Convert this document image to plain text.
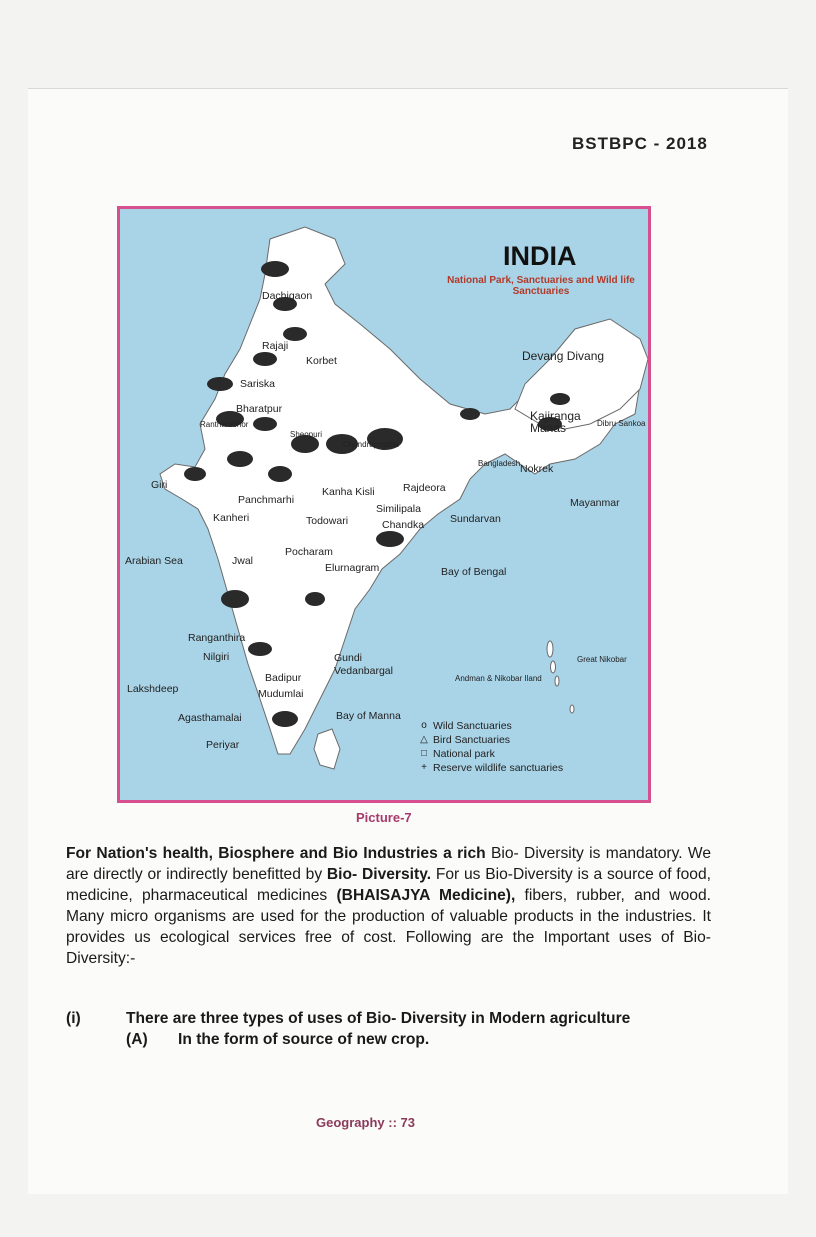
BSTBPC - 2018
INDIA
National Park, Sanctuaries and Wild life Sanctuaries
Dachigaon
Rajaji
Korbet
Sariska
Bharatpur
Ranthambhor
Sheopuri
Chandraprabha
Devang Divang
Kajiranga
Manas	Dibru Sankoa
Bangladesh Nokrek
Mayanmar
Giri
Panchmarhi
Kanha Kisli	Rajdeora
Similipala
Chandka Sundarvan
Kanheri	Todowari
Arabian Sea	Jwal
Pocharam
Elurnagram	Bay of Bengal
Ranganthira
Nilgiri	Gundi
Vedanbargal
Badipur
Mudumlai
Lakshdeep
Andman & Nikobar Iland
Great Nikobar
Agasthamalai	Bay of Manna
Periyar
o Wild Sanctuaries
△ Bird Sanctuaries
□ National park
+ Reserve wildlife sanctuaries
Picture-7
For Nation's health, Biosphere and Bio Industries a rich Bio- Diversity is mandatory. We are directly or indirectly benefitted by Bio- Diversity. For us Bio-Diversity is a source of food, medicine, pharmaceutical medicines (BHAISAJYA Medicine), fibers, rubber, and wood. Many micro organisms are used for the production of valuable products in the industries. It provides us ecological services free of cost. Following are the Important uses of Bio-Diversity:-
(i)	There are three types of uses of Bio- Diversity in Modern agriculture
(A) In the form of source of new crop.
Geography :: 73
